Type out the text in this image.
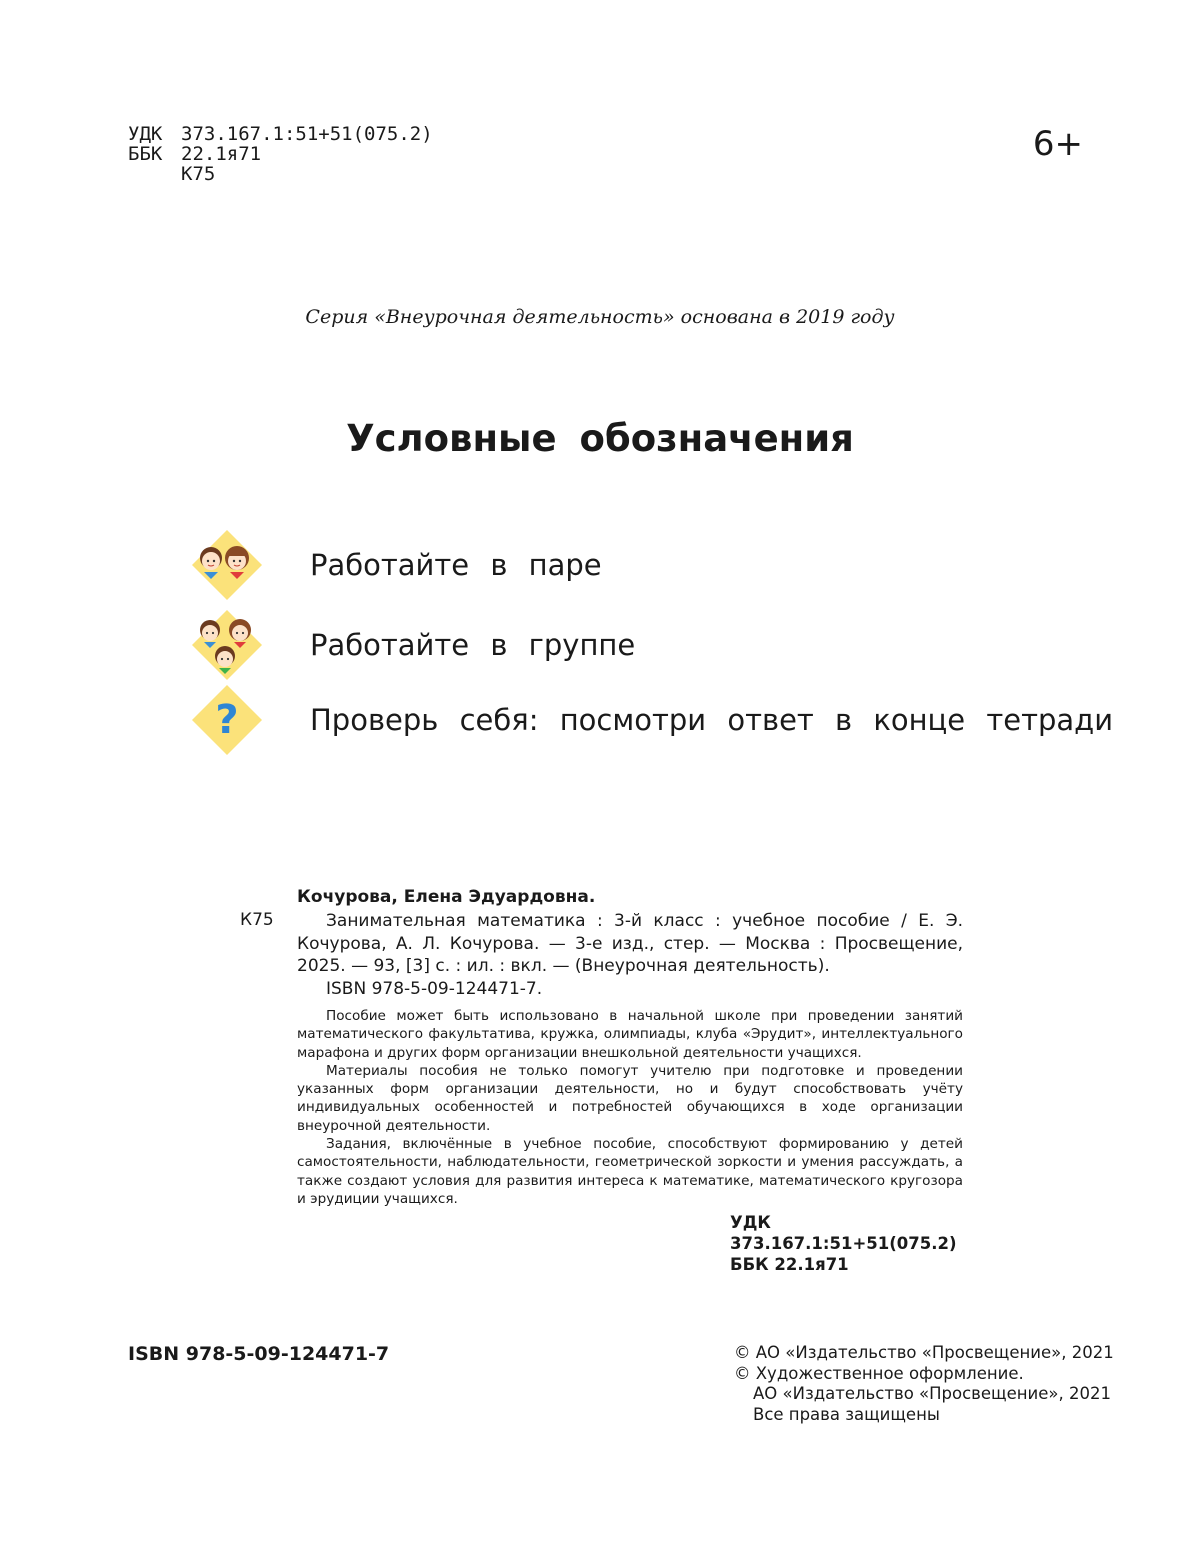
УДК 373.167.1:51+51(075.2)
ББК 22.1я71
К75
6+
Серия «Внеурочная деятельность» основана в 2019 году
Условные обозначения
Работайте в паре
Работайте в группе
? Проверь себя: посмотри ответ в конце тетради
Кочурова, Елена Эдуардовна.
К75	Занимательная математика : 3-й класс : учебное пособие / Е. Э. Кочурова, А. Л. Кочурова. — 3-е изд., стер. — Москва : Просвещение, 2025. — 93, [3] с. : ил. : вкл. — (Внеурочная деятельность).

ISBN 978-5-09-124471-7.

Пособие может быть использовано в начальной школе при проведении занятий математического факультатива, кружка, олимпиады, клуба «Эрудит», интеллектуального марафона и других форм организации внешкольной деятельности учащихся.

Материалы пособия не только помогут учителю при подготовке и проведении указанных форм организации деятельности, но и будут способствовать учёту индивидуальных особенностей и потребностей обучающихся в ходе организации внеурочной деятельности.

Задания, включённые в учебное пособие, способствуют формированию у детей самостоятельности, наблюдательности, геометрической зоркости и умения рассуждать, а также создают условия для развития интереса к математике, математического кругозора и эрудиции учащихся.

УДК 373.167.1:51+51(075.2)
ББК 22.1я71
ISBN 978-5-09-124471-7	© АО «Издательство «Просвещение», 2021
© Художественное оформление.
АО «Издательство «Просвещение», 2021
Все права защищены
